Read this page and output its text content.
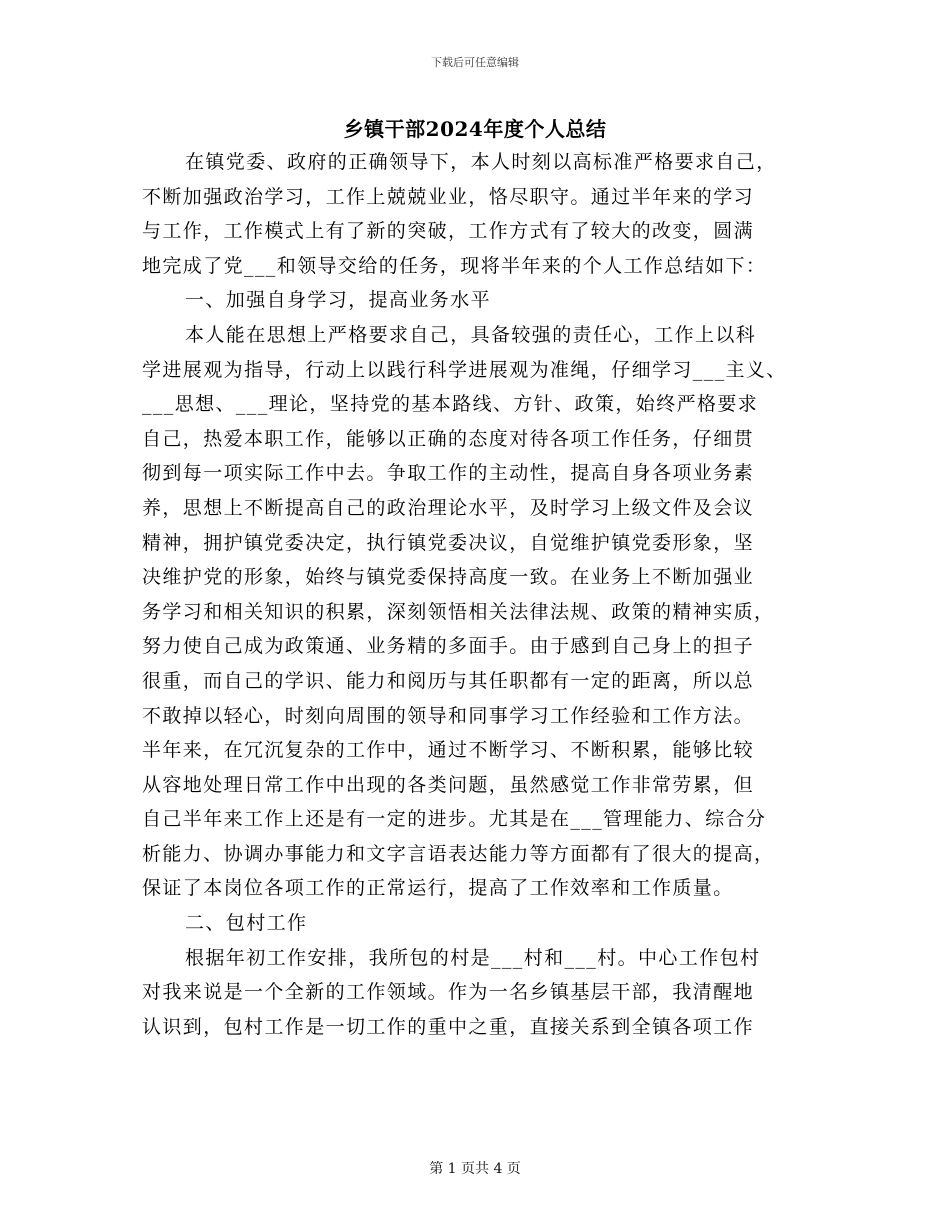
下载后可任意编辑
乡镇干部2024年度个人总结
在镇党委、政府的正确领导下，本人时刻以高标准严格要求自己，
不断加强政治学习，工作上兢兢业业，恪尽职守。通过半年来的学习
与工作，工作模式上有了新的突破，工作方式有了较大的改变，圆满
地完成了党___和领导交给的任务，现将半年来的个人工作总结如下：
一、加强自身学习，提高业务水平
本人能在思想上严格要求自己，具备较强的责任心，工作上以科
学进展观为指导，行动上以践行科学进展观为准绳，仔细学习___主义、
___思想、___理论，坚持党的基本路线、方针、政策，始终严格要求
自己，热爱本职工作，能够以正确的态度对待各项工作任务，仔细贯
彻到每一项实际工作中去。争取工作的主动性，提高自身各项业务素
养，思想上不断提高自己的政治理论水平，及时学习上级文件及会议
精神，拥护镇党委决定，执行镇党委决议，自觉维护镇党委形象，坚
决维护党的形象，始终与镇党委保持高度一致。在业务上不断加强业
务学习和相关知识的积累，深刻领悟相关法律法规、政策的精神实质，
努力使自己成为政策通、业务精的多面手。由于感到自己身上的担子
很重，而自己的学识、能力和阅历与其任职都有一定的距离，所以总
不敢掉以轻心，时刻向周围的领导和同事学习工作经验和工作方法。
半年来，在冗沉复杂的工作中，通过不断学习、不断积累，能够比较
从容地处理日常工作中出现的各类问题，虽然感觉工作非常劳累，但
自己半年来工作上还是有一定的进步。尤其是在___管理能力、综合分
析能力、协调办事能力和文字言语表达能力等方面都有了很大的提高，
保证了本岗位各项工作的正常运行，提高了工作效率和工作质量。
二、包村工作
根据年初工作安排，我所包的村是___村和___村。中心工作包村
对我来说是一个全新的工作领域。作为一名乡镇基层干部，我清醒地
认识到，包村工作是一切工作的重中之重，直接关系到全镇各项工作
第 1 页共 4 页
